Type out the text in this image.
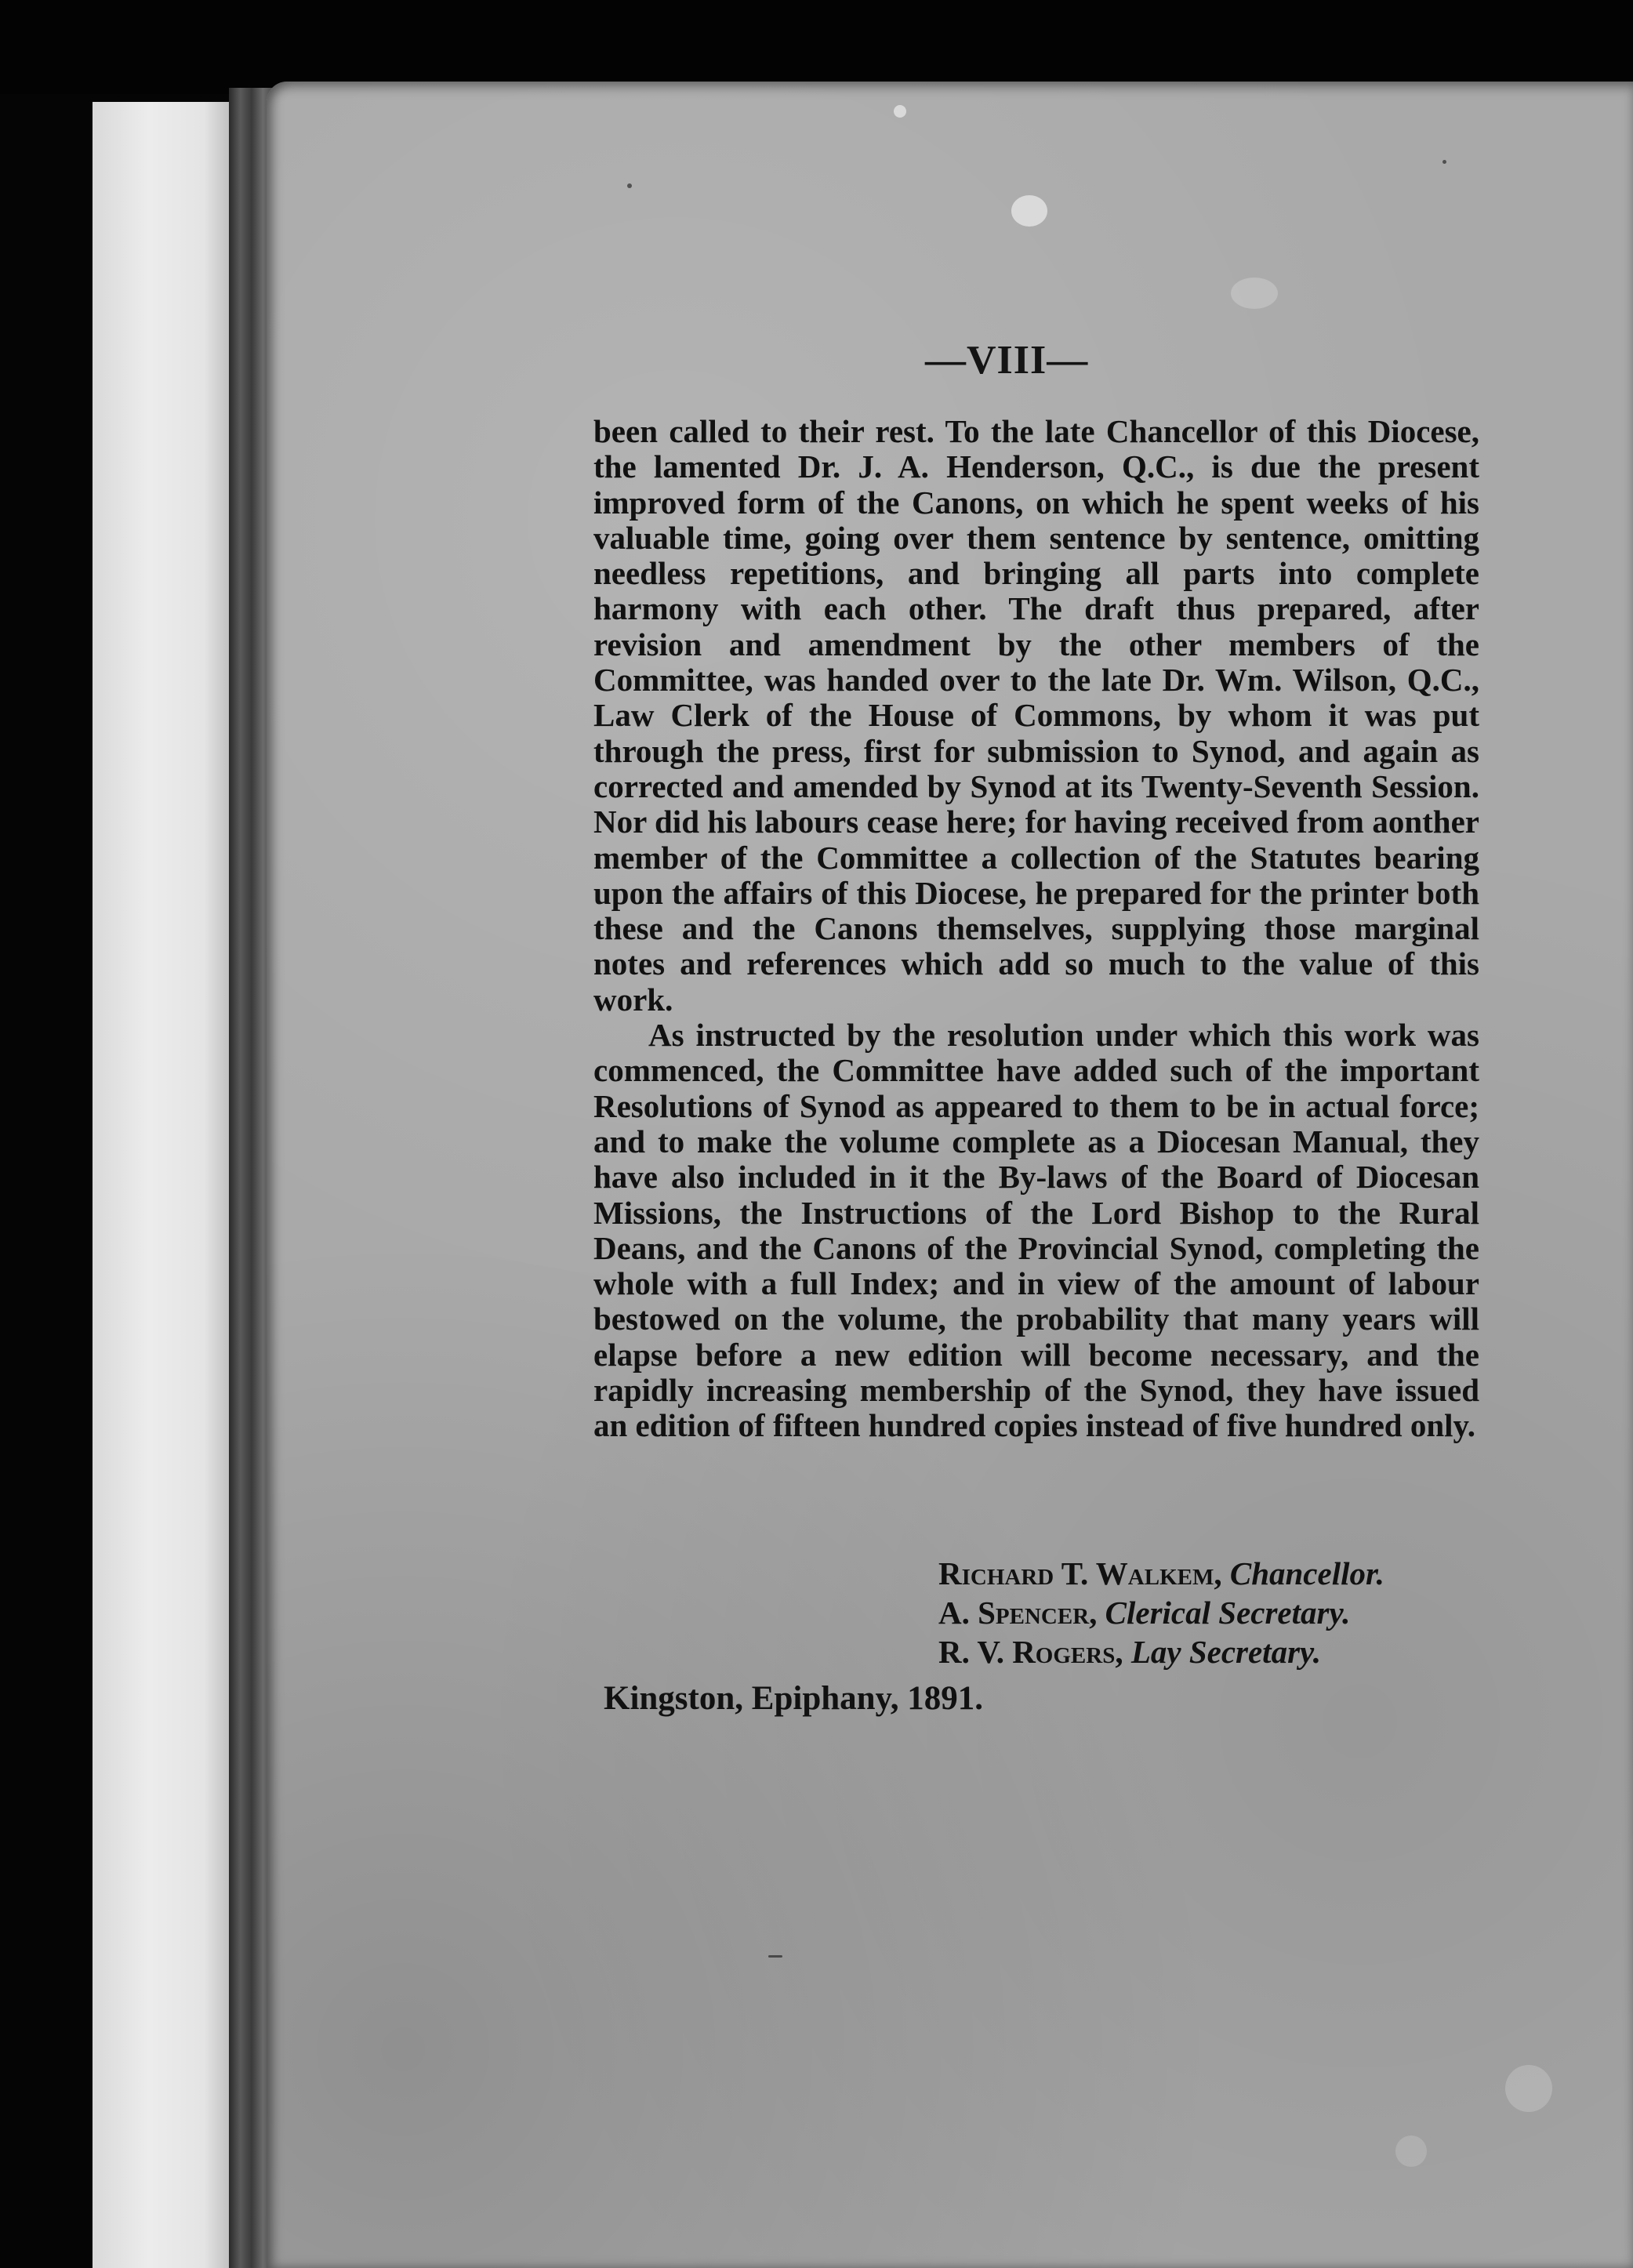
—VIII—

been called to their rest. To the late Chancellor of this Diocese, the lamented Dr. J. A. Henderson, Q.C., is due the present improved form of the Canons, on which he spent weeks of his valuable time, going over them sentence by sentence, omitting needless repetitions, and bringing all parts into complete harmony with each other. The draft thus prepared, after revision and amendment by the other members of the Committee, was handed over to the late Dr. Wm. Wilson, Q.C., Law Clerk of the House of Commons, by whom it was put through the press, first for submission to Synod, and again as corrected and amended by Synod at its Twenty-Seventh Session. Nor did his labours cease here; for having received from aonther member of the Committee a collection of the Statutes bearing upon the affairs of this Diocese, he prepared for the printer both these and the Canons themselves, supplying those marginal notes and references which add so much to the value of this work.

As instructed by the resolution under which this work was commenced, the Committee have added such of the important Resolutions of Synod as appeared to them to be in actual force; and to make the volume complete as a Diocesan Manual, they have also included in it the By-laws of the Board of Diocesan Missions, the Instructions of the Lord Bishop to the Rural Deans, and the Canons of the Provincial Synod, completing the whole with a full Index; and in view of the amount of labour bestowed on the volume, the probability that many years will elapse before a new edition will become necessary, and the rapidly increasing membership of the Synod, they have issued an edition of fifteen hundred copies instead of five hundred only.

Richard T. Walkem, Chancellor.
A. Spencer, Clerical Secretary.
R. V. Rogers, Lay Secretary.
Kingston, Epiphany, 1891.
